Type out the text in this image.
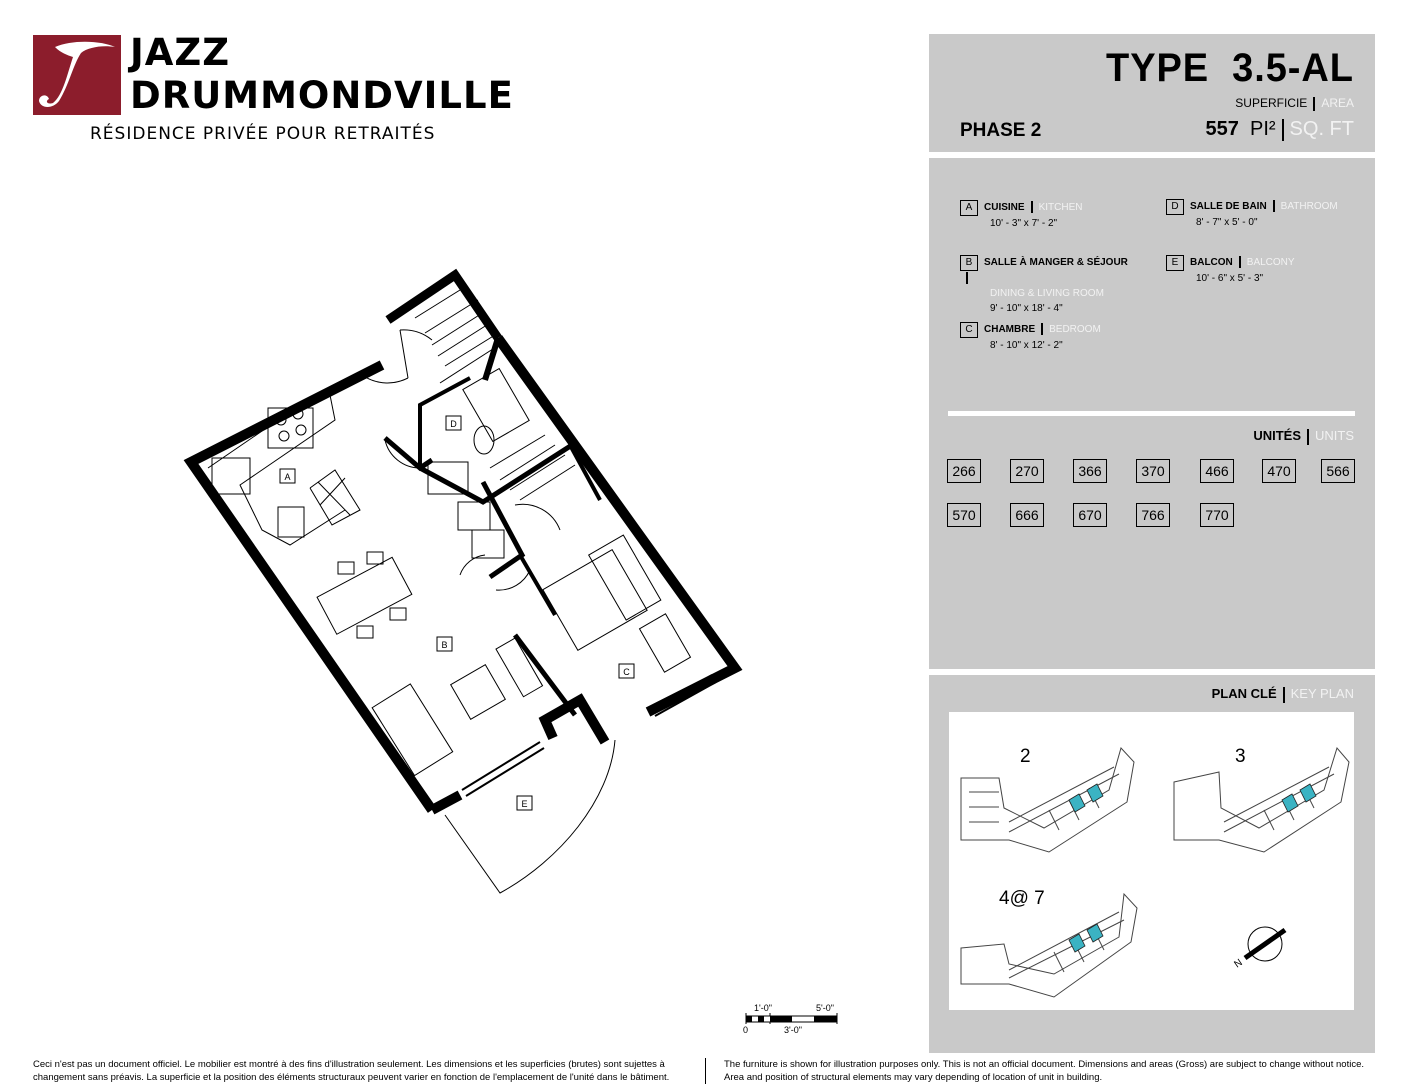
JAZZ
DRUMMONDVILLE
RÉSIDENCE PRIVÉE POUR RETRAITÉS
A
B
C
D
E
TYPE  3.5-AL
SUPERFICIE AREA
PHASE 2	557 PI² SQ. FT
A CUISINE KITCHEN
10' - 3" x 7' - 2"
B SALLE À MANGER & SÉJOUR
DINING & LIVING ROOM
9' - 10" x 18' - 4"
C CHAMBRE BEDROOM
8' - 10" x 12' - 2"
D SALLE DE BAIN BATHROOM
8' - 7" x 5' - 0"
E BALCON BALCONY
10' - 6" x 5' - 3"
UNITÉS UNITS
266	270	366	370	466	470	566
570	666	670	766	770
PLAN CLÉ KEY PLAN
2	3
4@ 7
N
1'-0"	5'-0"
0	3'-0"
Ceci n'est pas un document officiel. Le mobilier est montré à des fins d'illustration seulement. Les dimensions et les superficies (brutes) sont sujettes à
changement sans préavis. La superficie et la position des éléments structuraux peuvent varier en fonction de l'emplacement de l'unité dans le bâtiment.
The furniture is shown for illustration purposes only. This is not an official document. Dimensions and areas (Gross) are subject to change without notice.
Area and position of structural elements may vary depending of location of unit in building.
